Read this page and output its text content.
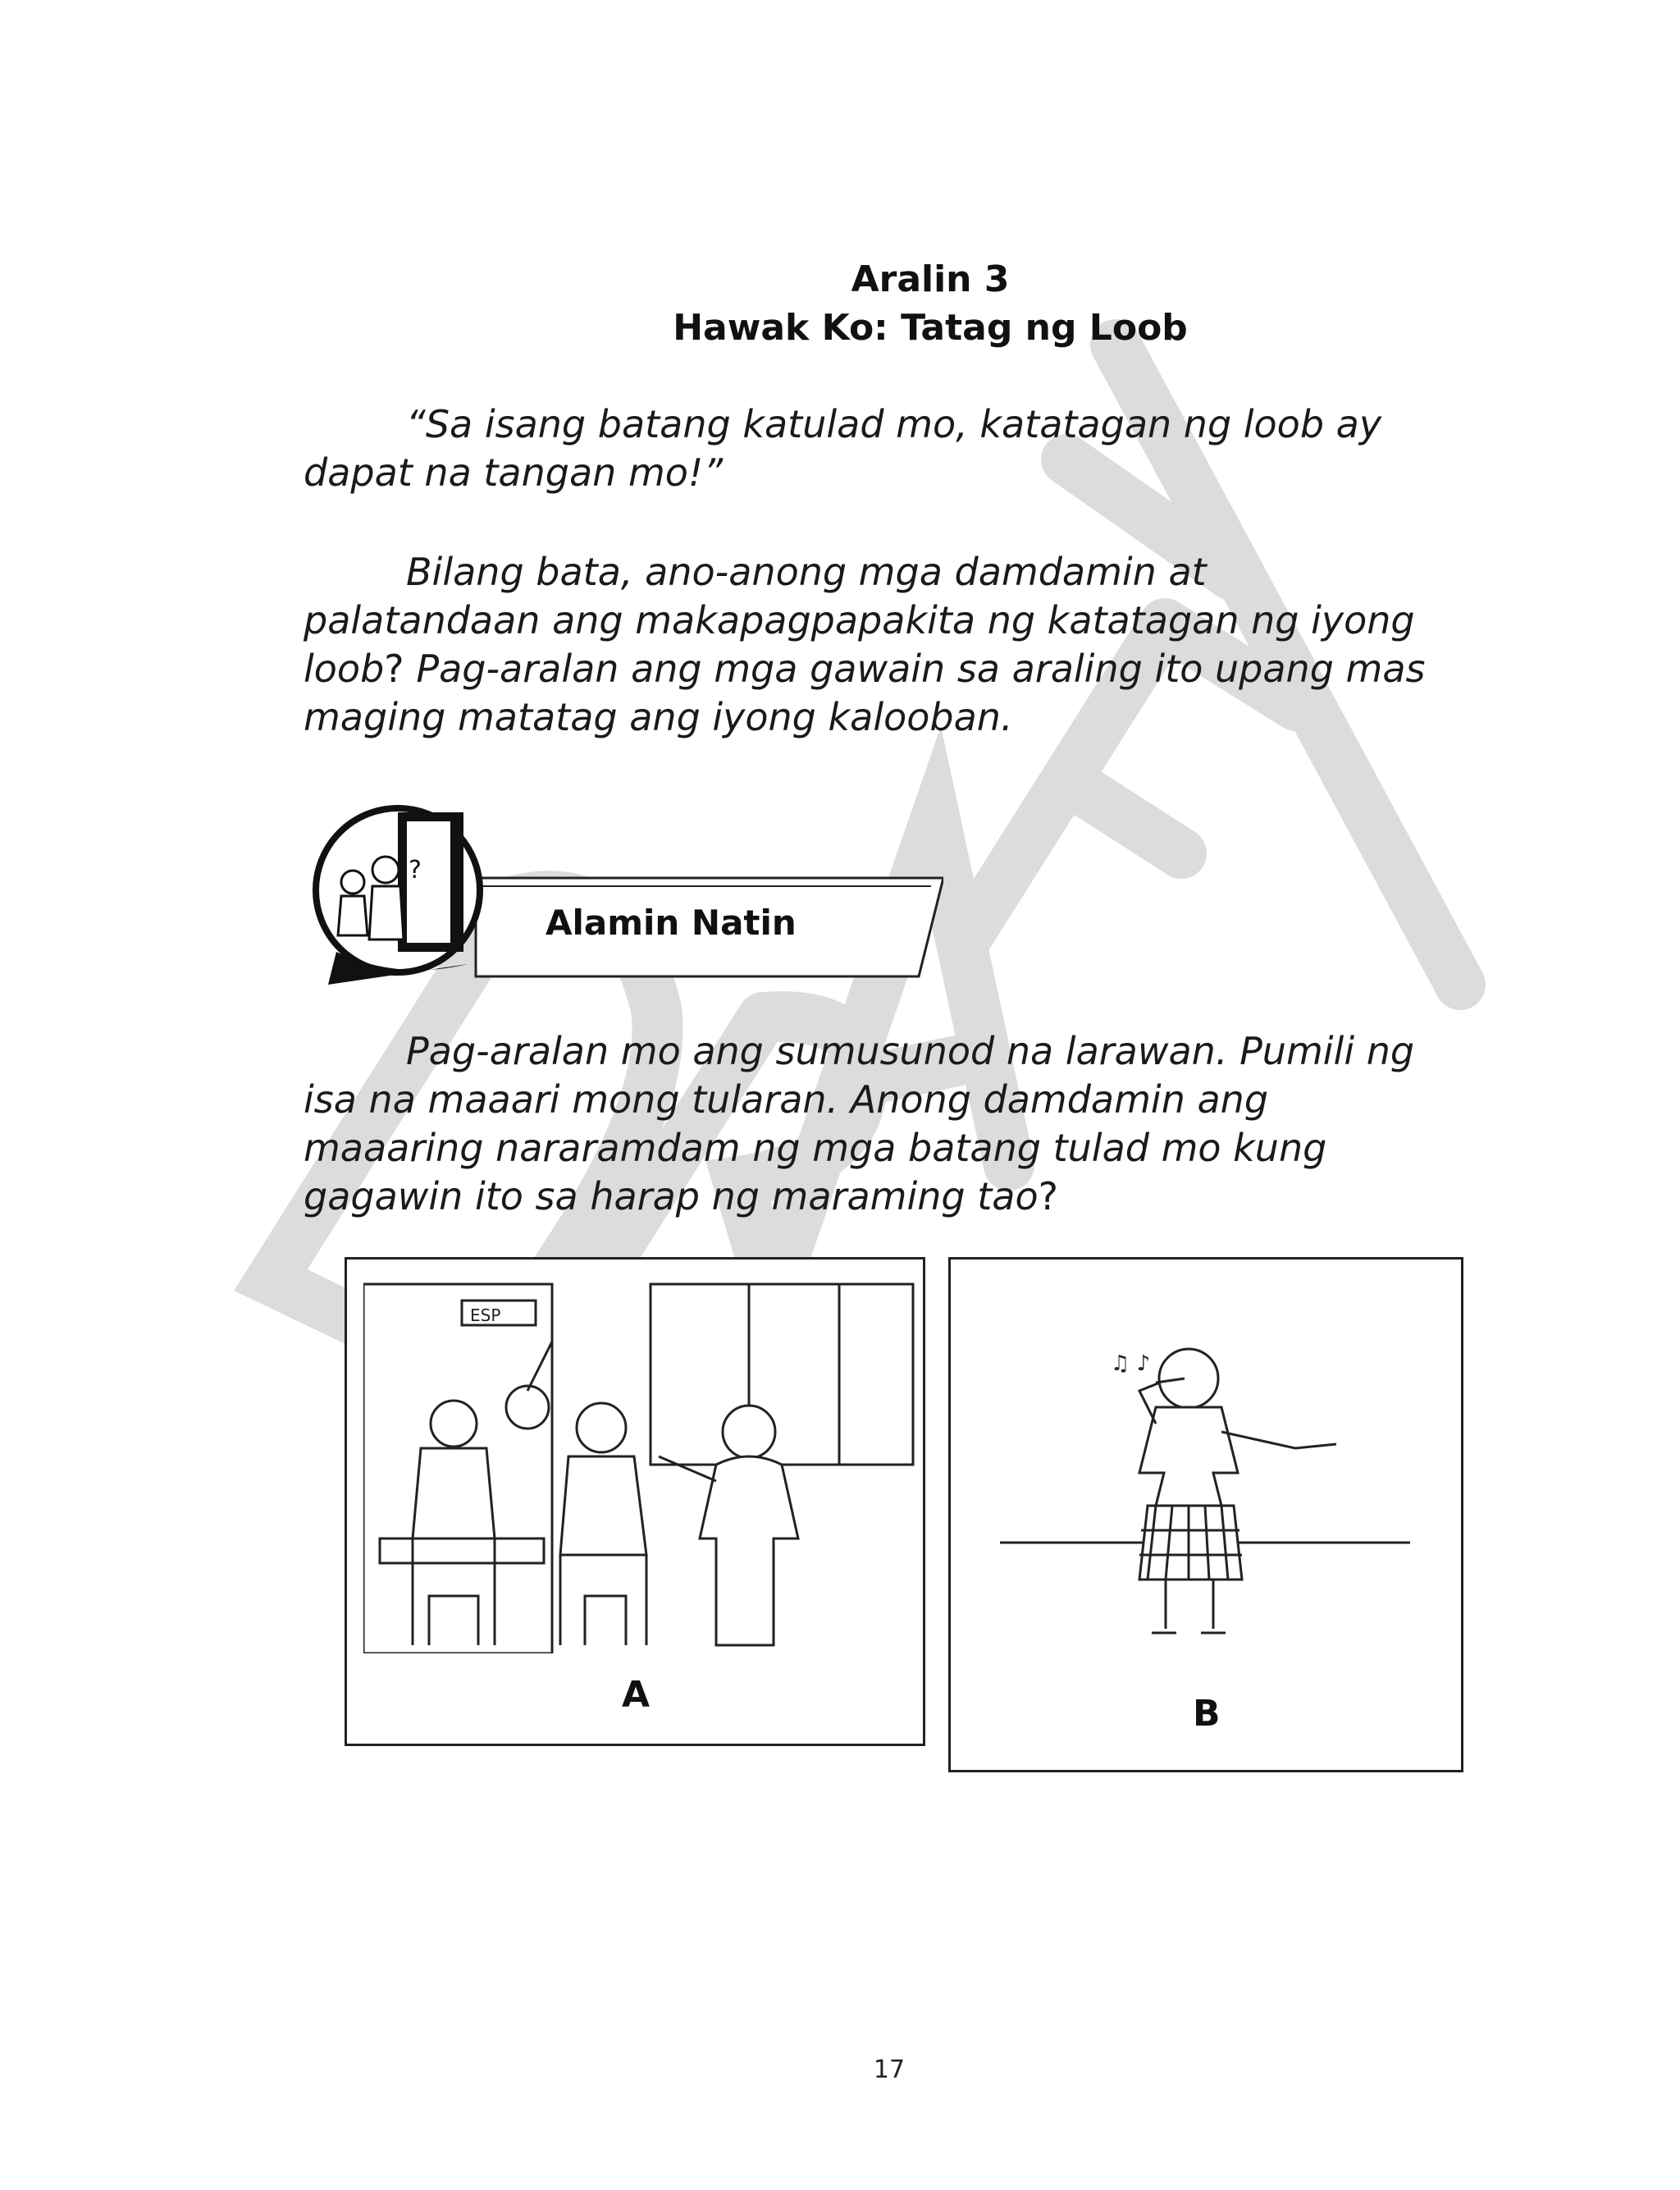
Aralin 3
Hawak Ko: Tatag ng Loob
“Sa isang batang katulad mo, katatagan ng loob ay dapat na tangan mo!”
Bilang bata, ano-anong mga damdamin at palatandaan ang makapagpapakita ng katatagan ng iyong loob? Pag-aralan ang mga gawain sa araling ito upang mas maging matatag ang iyong kalooban.
?
Alamin Natin
Pag-aralan mo ang sumusunod na larawan. Pumili ng isa na maaari mong tularan. Anong damdamin ang maaaring nararamdam ng mga batang tulad mo kung gagawin ito sa harap ng maraming tao?
ESP
A
♫ ♪
B
17
